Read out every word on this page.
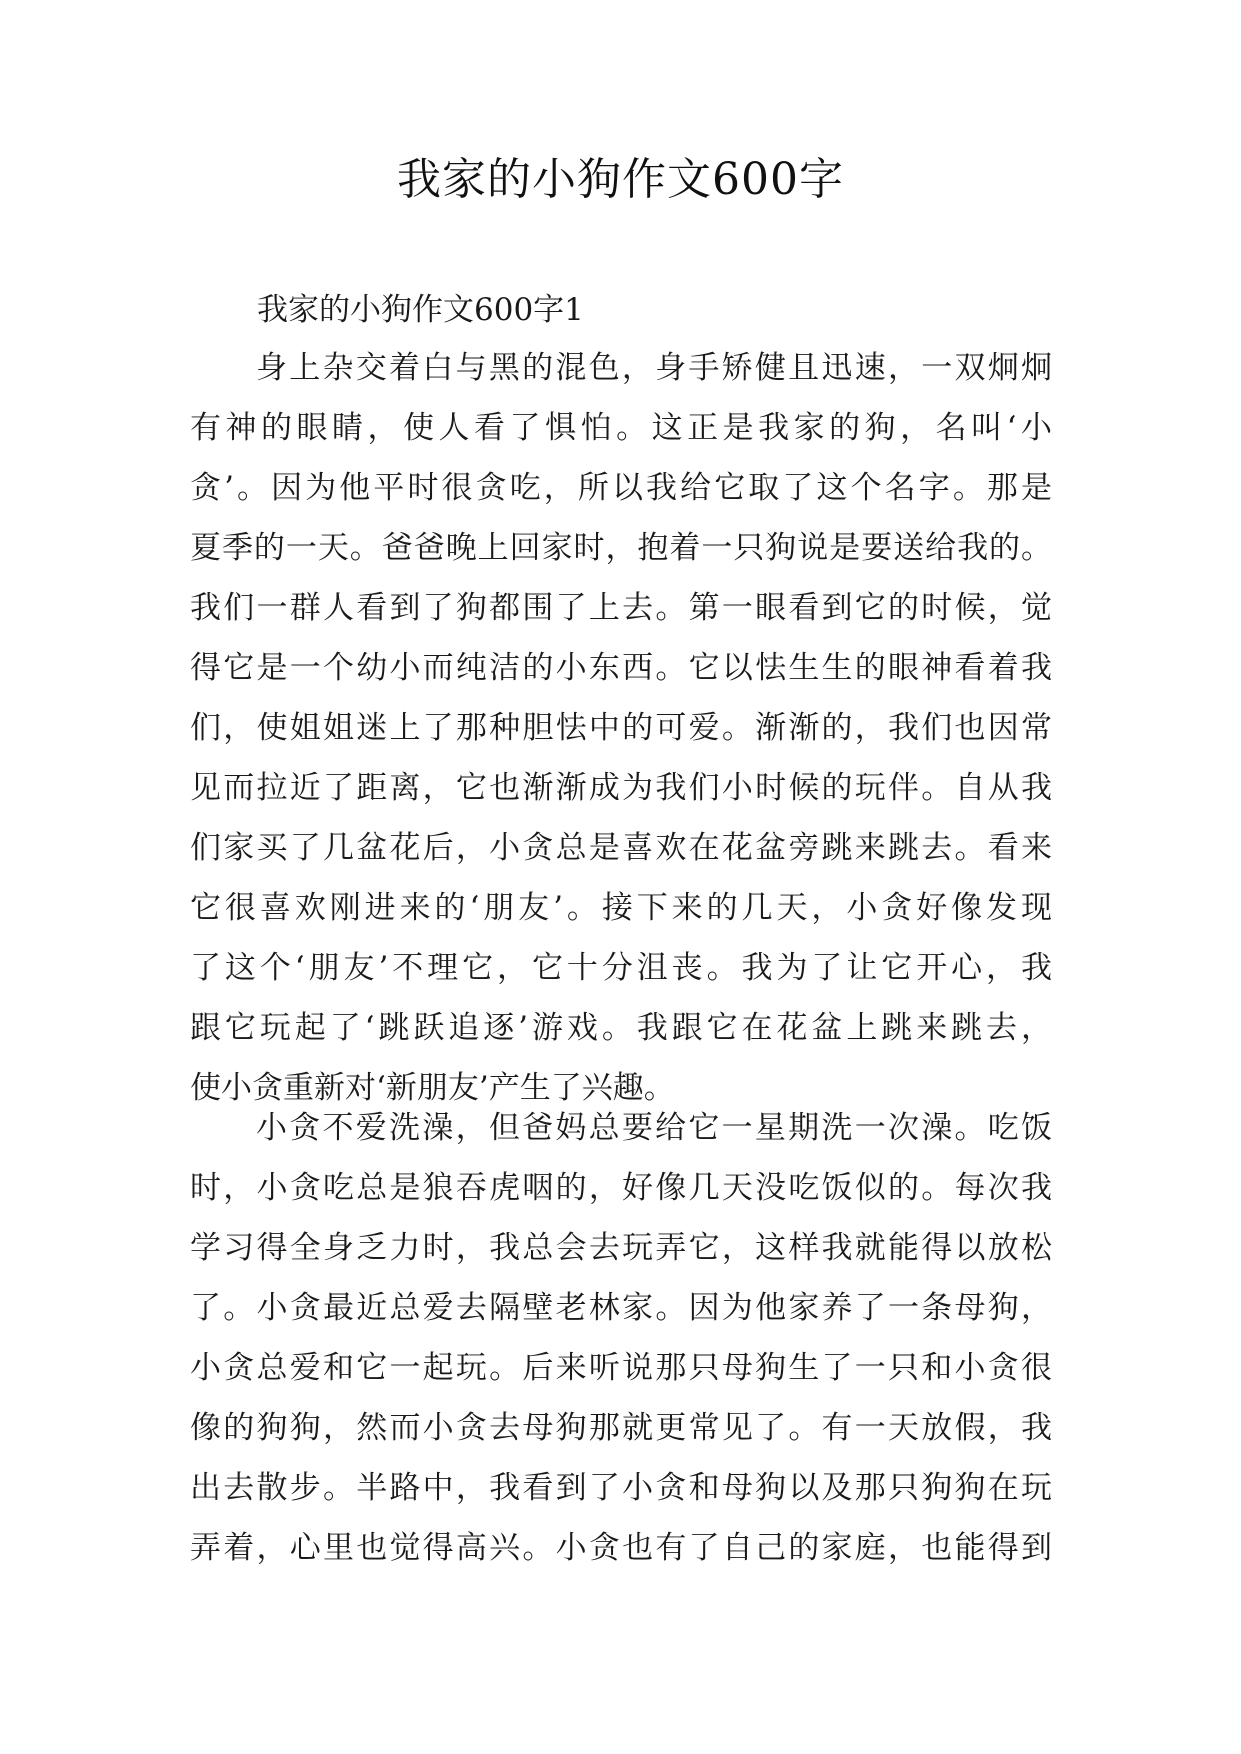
我家的小狗作文600字
我家的小狗作文600字1
身上杂交着白与黑的混色，身手矫健且迅速，一双炯炯
有神的眼睛，使人看了惧怕。这正是我家的狗，名叫‘小
贪’。因为他平时很贪吃，所以我给它取了这个名字。那是
夏季的一天。爸爸晚上回家时，抱着一只狗说是要送给我的。
我们一群人看到了狗都围了上去。第一眼看到它的时候，觉
得它是一个幼小而纯洁的小东西。它以怯生生的眼神看着我
们，使姐姐迷上了那种胆怯中的可爱。渐渐的，我们也因常
见而拉近了距离，它也渐渐成为我们小时候的玩伴。自从我
们家买了几盆花后，小贪总是喜欢在花盆旁跳来跳去。看来
它很喜欢刚进来的‘朋友’。接下来的几天，小贪好像发现
了这个‘朋友’不理它，它十分沮丧。我为了让它开心，我
跟它玩起了‘跳跃追逐’游戏。我跟它在花盆上跳来跳去，
使小贪重新对‘新朋友’产生了兴趣。
小贪不爱洗澡，但爸妈总要给它一星期洗一次澡。吃饭
时，小贪吃总是狼吞虎咽的，好像几天没吃饭似的。每次我
学习得全身乏力时，我总会去玩弄它，这样我就能得以放松
了。小贪最近总爱去隔壁老林家。因为他家养了一条母狗，
小贪总爱和它一起玩。后来听说那只母狗生了一只和小贪很
像的狗狗，然而小贪去母狗那就更常见了。有一天放假，我
出去散步。半路中，我看到了小贪和母狗以及那只狗狗在玩
弄着，心里也觉得高兴。小贪也有了自己的家庭，也能得到
